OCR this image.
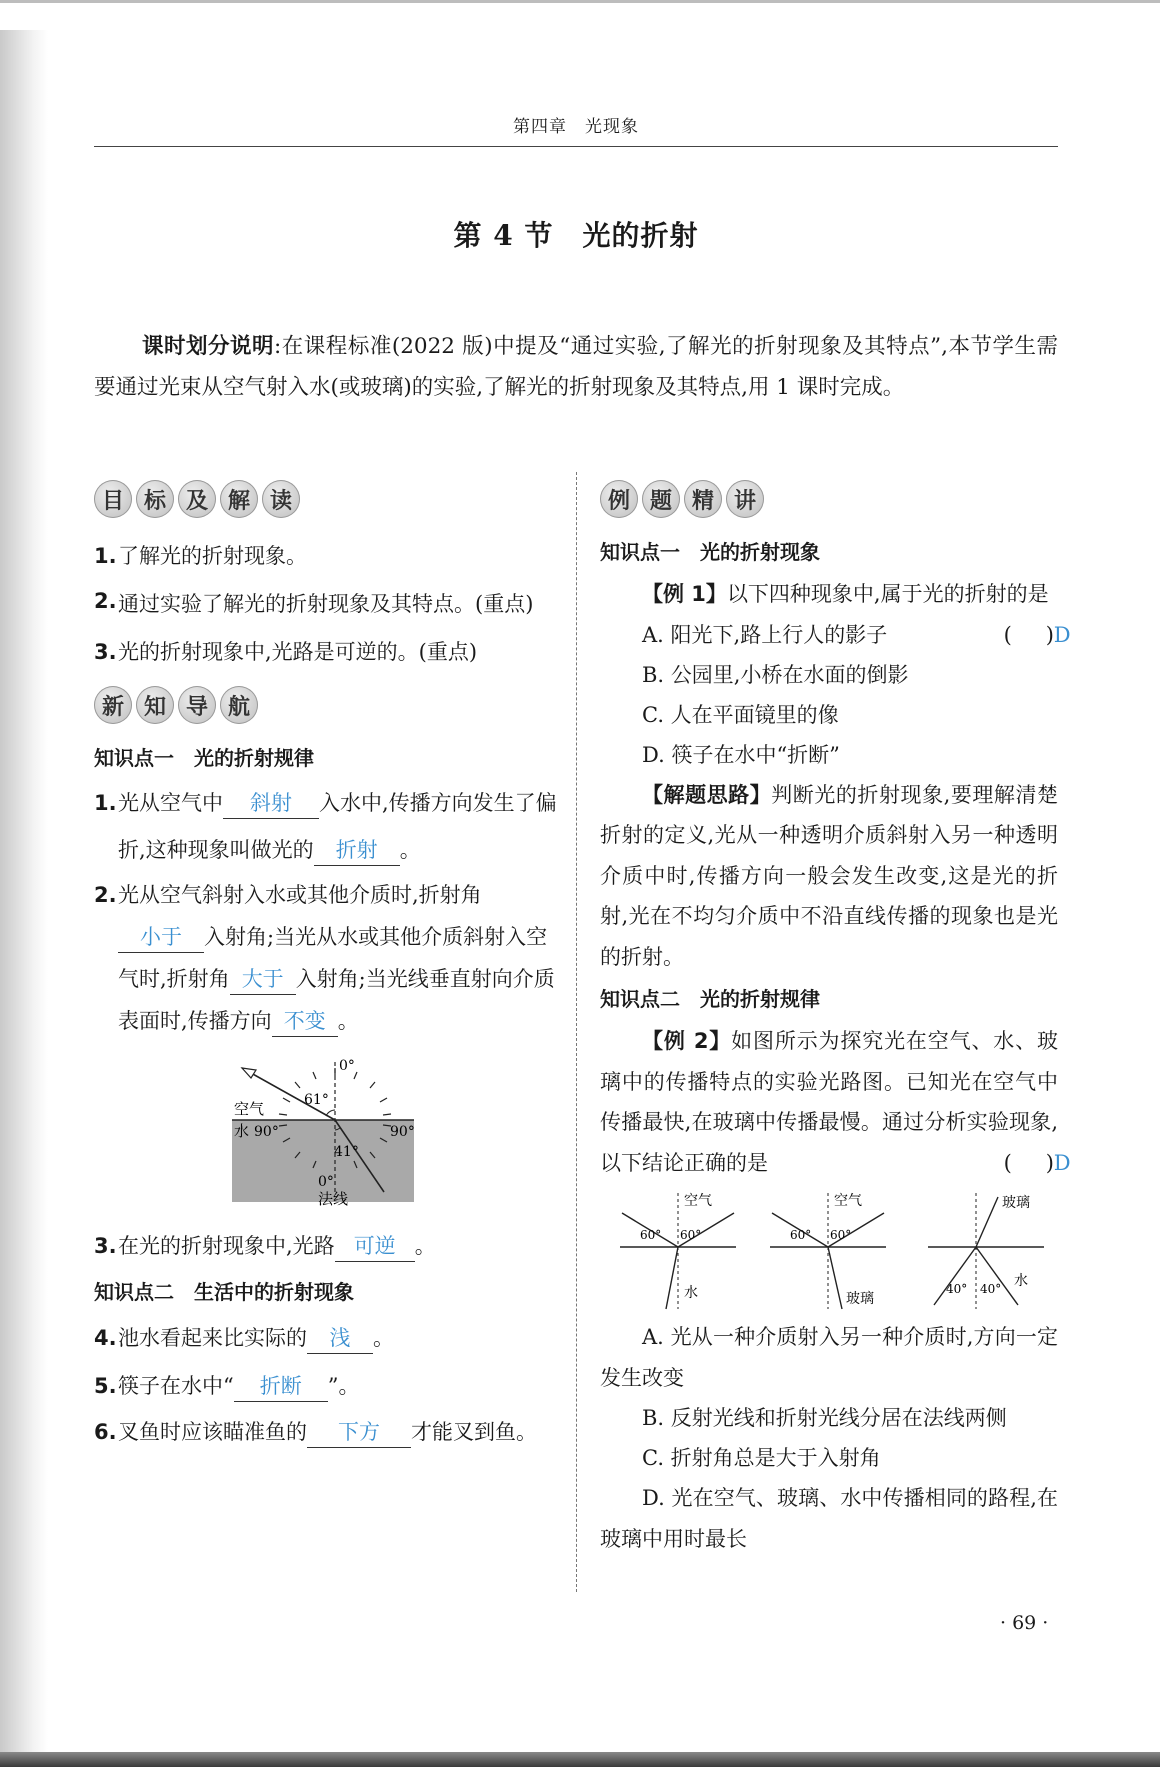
第四章　光现象
第 4 节　光的折射
课时划分说明:在课程标准(2022 版)中提及“通过实验,了解光的折射现象及其特点”,本节学生需要通过光束从空气射入水(或玻璃)的实验,了解光的折射现象及其特点,用 1 课时完成。
目 标 及 解 读
1. 了解光的折射现象。
2. 通过实验了解光的折射现象及其特点。(重点)
3. 光的折射现象中,光路是可逆的。(重点)
新 知 导 航
知识点一　光的折射规律
1. 光从空气中 斜射 入水中,传播方向发生了偏折,这种现象叫做光的 折射 。
2. 光从空气斜射入水或其他介质时,折射角小于 入射角;当光从水或其他介质斜射入空气时,折射角 大于 入射角;当光线垂直射向介质表面时,传播方向 不变 。
0°
61°
空气
水 90°	90°
41°
0°
法线
3. 在光的折射现象中,光路 可逆 。
知识点二　生活中的折射现象
4. 池水看起来比实际的 浅 。
5. 筷子在水中“ 折断 ”。
6. 叉鱼时应该瞄准鱼的 下方 才能叉到鱼。
例 题 精 讲
知识点一　光的折射现象
【例 1】以下四种现象中,属于光的折射的是
( D)
A. 阳光下,路上行人的影子
B. 公园里,小桥在水面的倒影
C. 人在平面镜里的像
D. 筷子在水中“折断”
【解题思路】判断光的折射现象,要理解清楚折射的定义,光从一种透明介质斜射入另一种透明介质中时,传播方向一般会发生改变,这是光的折射,光在不均匀介质中不沿直线传播的现象也是光的折射。
知识点二　光的折射规律
【例 2】如图所示为探究光在空气、水、玻璃中的传播特点的实验光路图。已知光在空气中传播最快,在玻璃中传播最慢。通过分析实验现象,以下结论正确的是	( D)
空气
60° 60°
水
空气
60° 60°
玻璃
玻璃
40° 40° 水
A. 光从一种介质射入另一种介质时,方向一定发生改变
B. 反射光线和折射光线分居在法线两侧
C. 折射角总是大于入射角
D. 光在空气、玻璃、水中传播相同的路程,在玻璃中用时最长
· 69 ·
